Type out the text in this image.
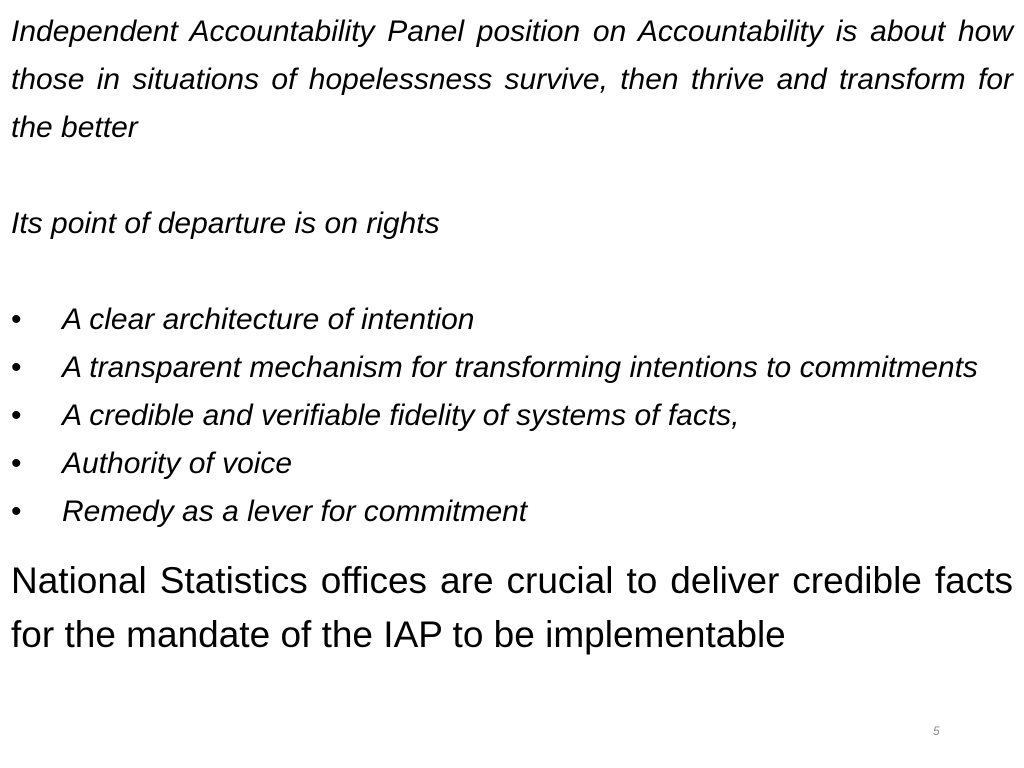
Independent Accountability Panel position on Accountability is about how those in situations of hopelessness survive, then thrive and transform for the better

Its point of departure is on rights

• A clear architecture of intention
• A transparent mechanism for transforming intentions to commitments
• A credible and verifiable fidelity of systems of facts,
• Authority of voice
• Remedy as a lever for commitment

National Statistics offices are crucial to deliver credible facts for the mandate of the IAP to be implementable

5
